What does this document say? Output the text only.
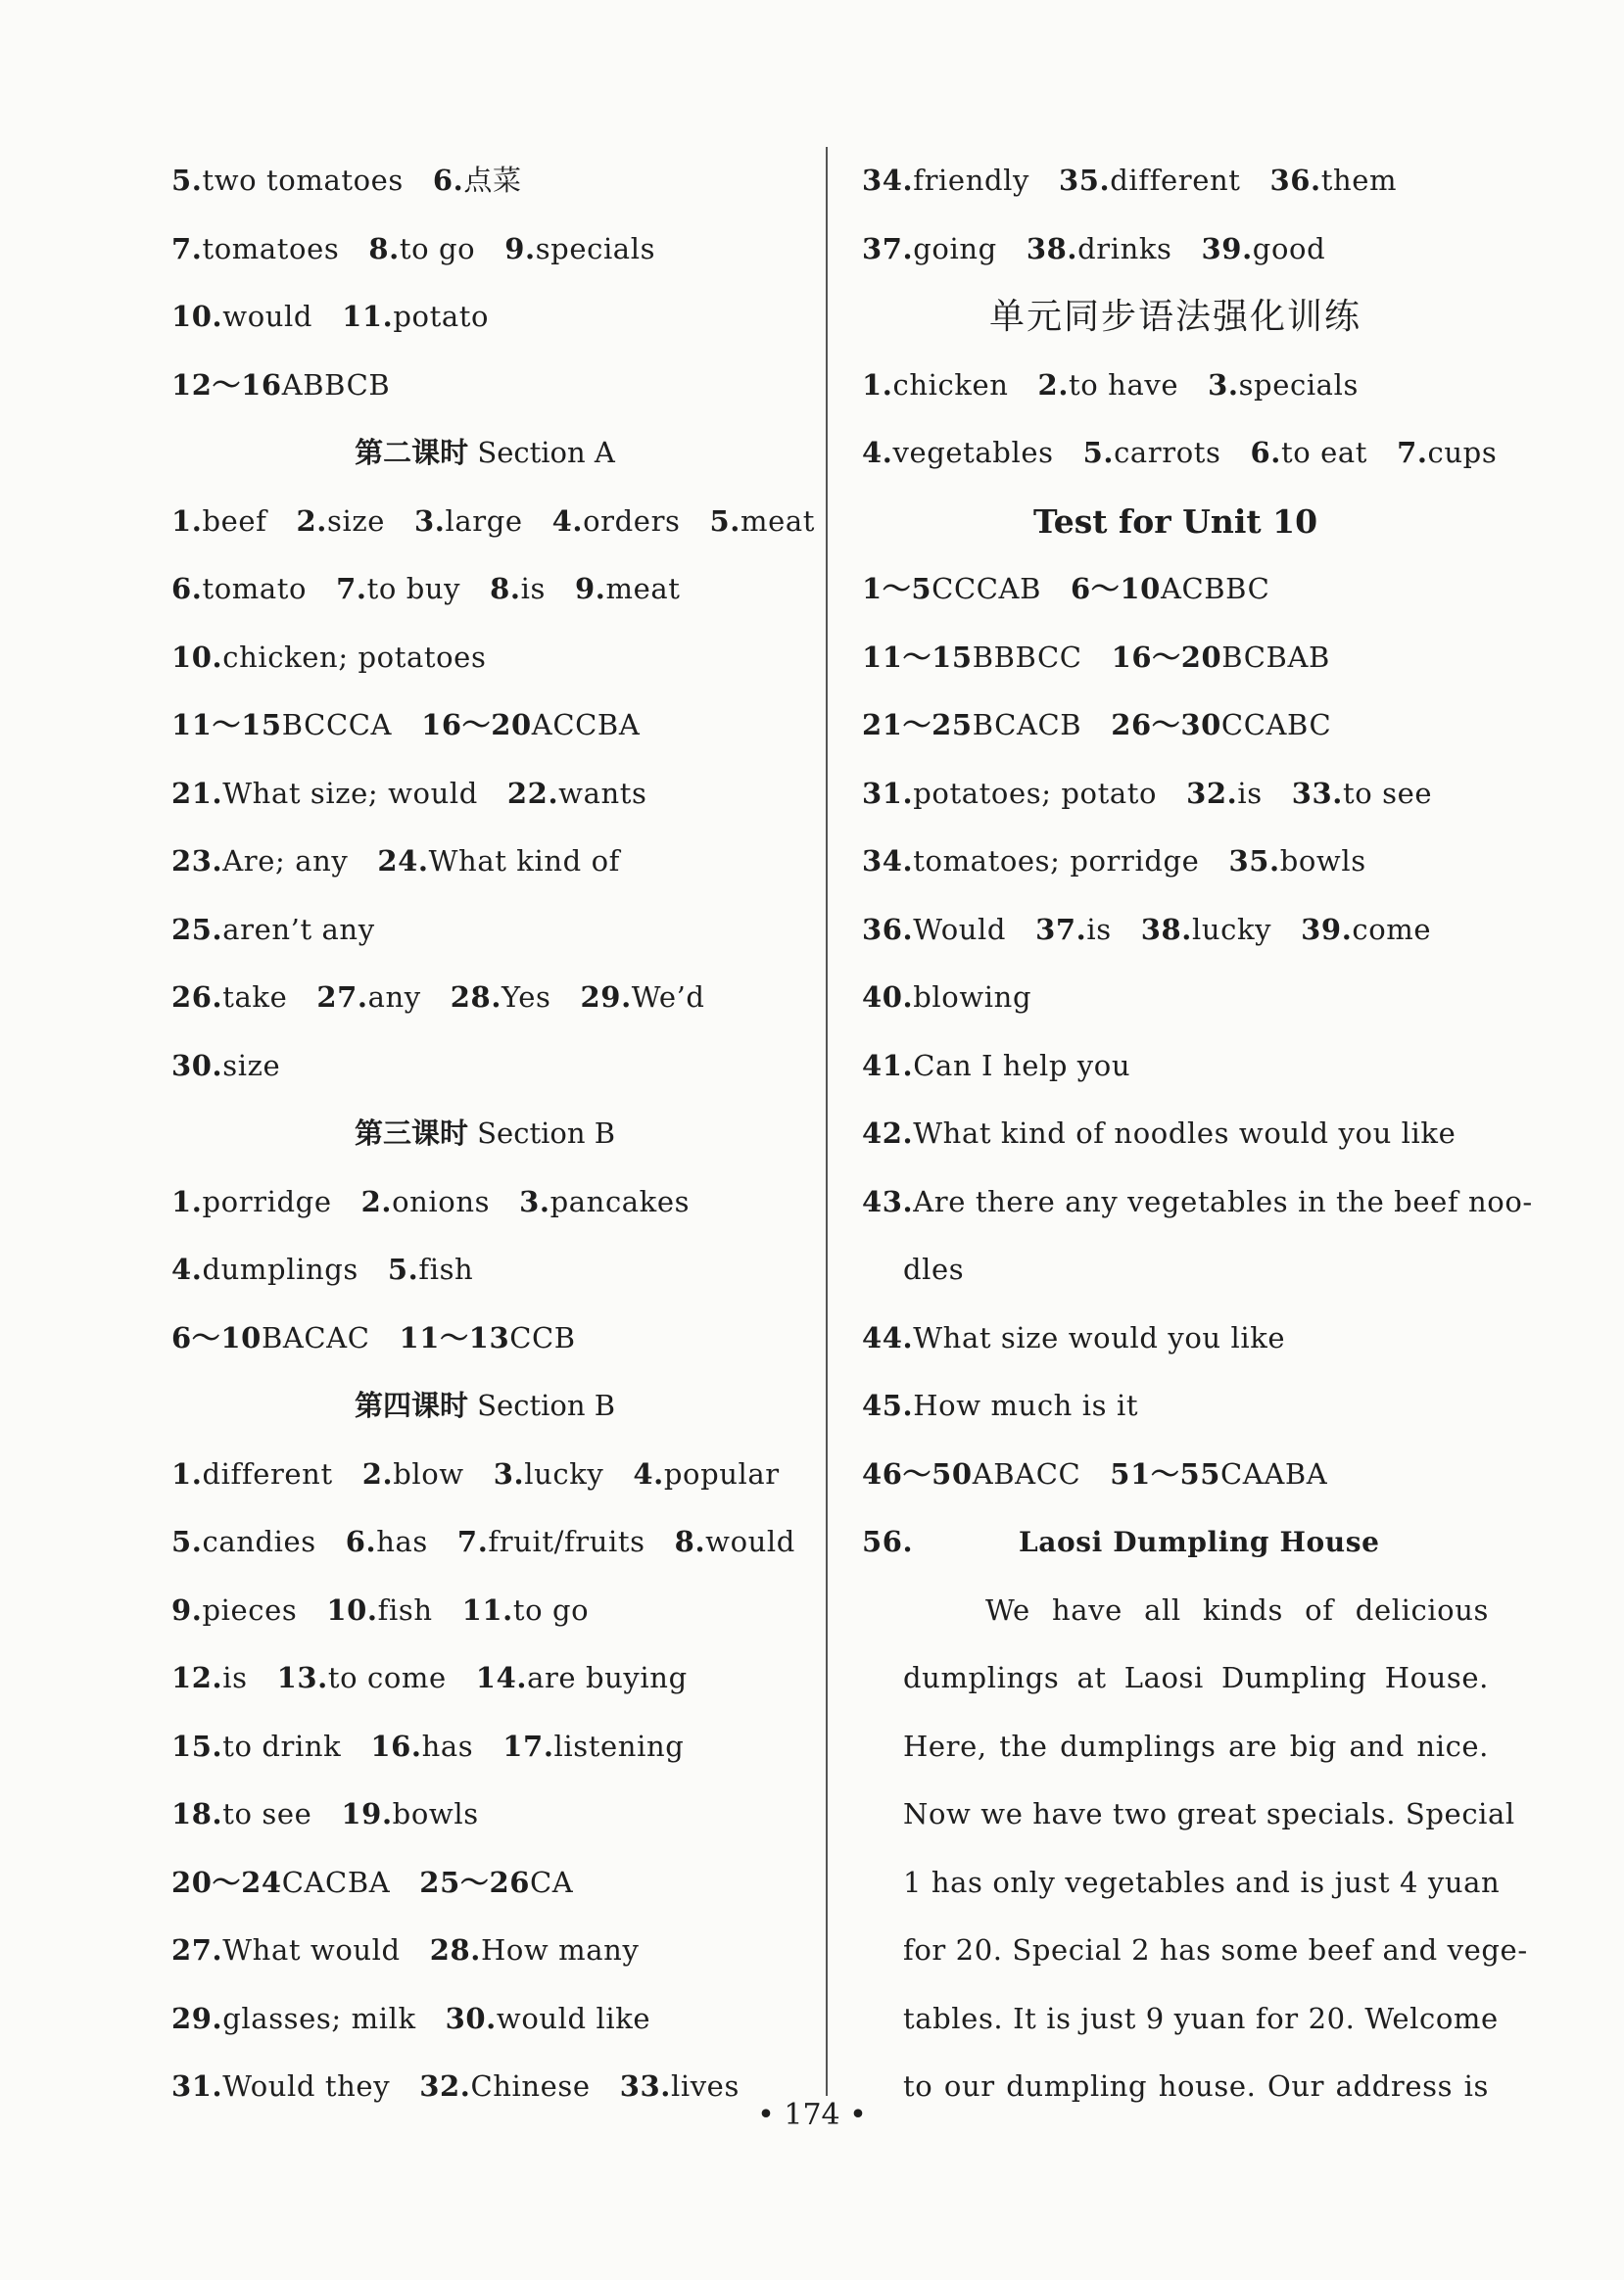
5.two tomatoes 6.点菜
7.tomatoes 8.to go 9.specials
10.would 11.potato
12～16ABBCB
第二课时 Section A
1.beef 2.size 3.large 4.orders 5.meat
6.tomato 7.to buy 8.is 9.meat
10.chicken; potatoes
11～15BCCCA 16～20ACCBA
21.What size; would 22.wants
23.Are; any 24.What kind of
25.aren’t any
26.take 27.any 28.Yes 29.We’d
30.size
第三课时 Section B
1.porridge 2.onions 3.pancakes
4.dumplings 5.fish
6～10BACAC 11～13CCB
第四课时 Section B
1.different 2.blow 3.lucky 4.popular
5.candies 6.has 7.fruit/fruits 8.would
9.pieces 10.fish 11.to go
12.is 13.to come 14.are buying
15.to drink 16.has 17.listening
18.to see 19.bowls
20～24CACBA 25～26CA
27.What would 28.How many
29.glasses; milk 30.would like
31.Would they 32.Chinese 33.lives
34.friendly 35.different 36.them
37.going 38.drinks 39.good
单元同步语法强化训练
1.chicken 2.to have 3.specials
4.vegetables 5.carrots 6.to eat 7.cups
Test for Unit 10
1～5CCCAB 6～10ACBBC
11～15BBBCC 16～20BCBAB
21～25BCACB 26～30CCABC
31.potatoes; potato 32.is 33.to see
34.tomatoes; porridge 35.bowls
36.Would 37.is 38.lucky 39.come
40.blowing
41.Can I help you
42.What kind of noodles would you like
43.Are there any vegetables in the beef noo-
dles
44.What size would you like
45.How much is it
46～50ABACC 51～55CAABA
56.	Laosi Dumpling House
　　We have all kinds of delicious
dumplings at Laosi Dumpling House.
Here, the dumplings are big and nice.
Now we have two great specials. Special
1 has only vegetables and is just 4 yuan
for 20. Special 2 has some beef and vege-
tables. It is just 9 yuan for 20. Welcome
to our dumpling house. Our address is
• 174 •
